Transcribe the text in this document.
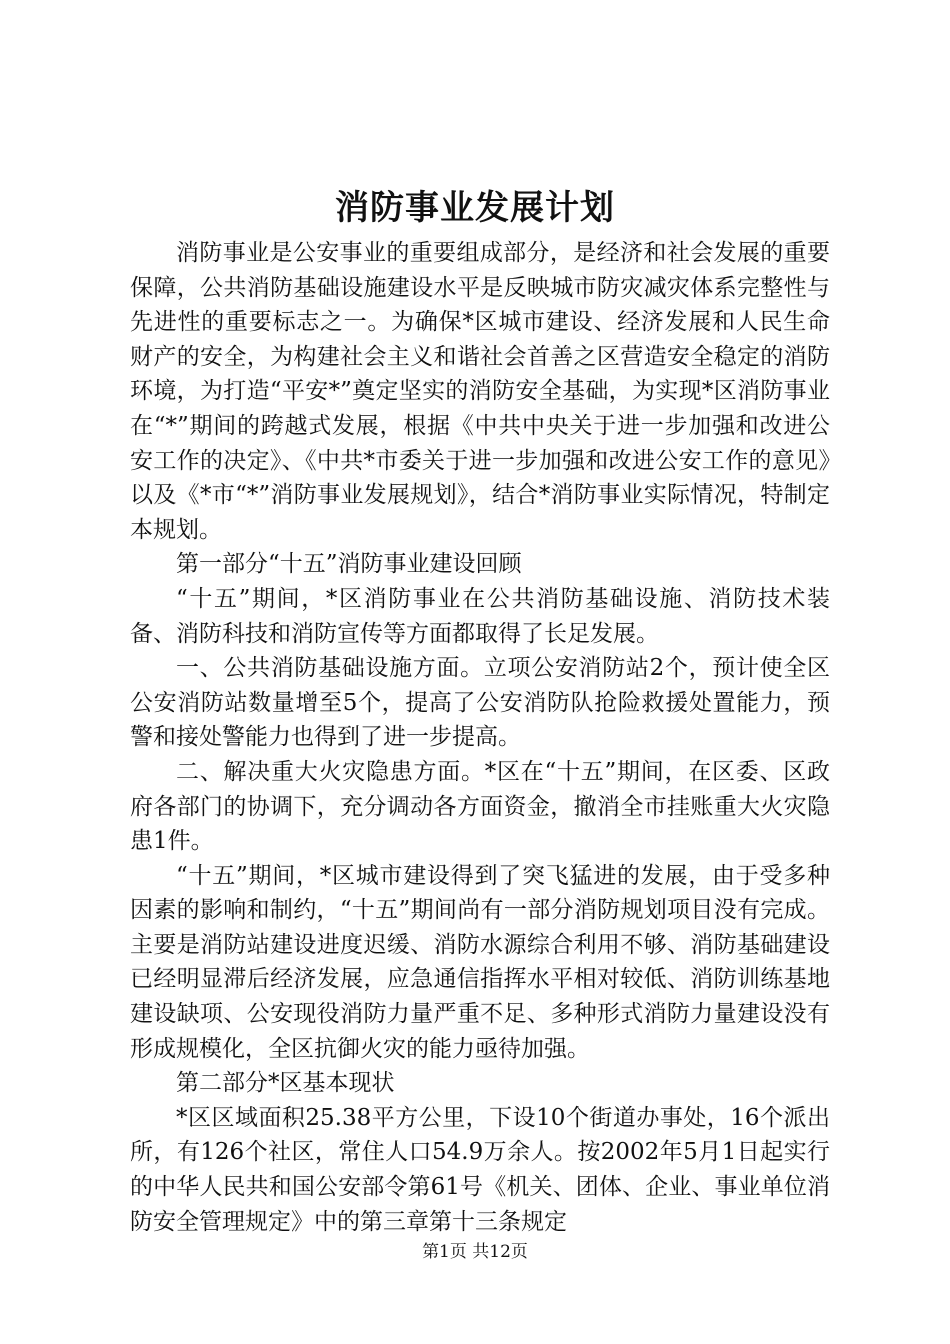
消防事业发展计划

消防事业是公安事业的重要组成部分，是经济和社会发展的重要保障，公共消防基础设施建设水平是反映城市防灾减灾体系完整性与先进性的重要标志之一。为确保*区城市建设、经济发展和人民生命财产的安全，为构建社会主义和谐社会首善之区营造安全稳定的消防环境，为打造“平安*”奠定坚实的消防安全基础，为实现*区消防事业在“*”期间的跨越式发展，根据《中共中央关于进一步加强和改进公安工作的决定》、《中共*市委关于进一步加强和改进公安工作的意见》以及《*市“*”消防事业发展规划》，结合*消防事业实际情况，特制定本规划。

第一部分“十五”消防事业建设回顾

“十五”期间，*区消防事业在公共消防基础设施、消防技术装备、消防科技和消防宣传等方面都取得了长足发展。

一、公共消防基础设施方面。立项公安消防站2个，预计使全区公安消防站数量增至5个，提高了公安消防队抢险救援处置能力，预警和接处警能力也得到了进一步提高。

二、解决重大火灾隐患方面。*区在“十五”期间，在区委、区政府各部门的协调下，充分调动各方面资金，撤消全市挂账重大火灾隐患1件。

“十五”期间，*区城市建设得到了突飞猛进的发展，由于受多种因素的影响和制约，“十五”期间尚有一部分消防规划项目没有完成。主要是消防站建设进度迟缓、消防水源综合利用不够、消防基础建设已经明显滞后经济发展，应急通信指挥水平相对较低、消防训练基地建设缺项、公安现役消防力量严重不足、多种形式消防力量建设没有形成规模化，全区抗御火灾的能力亟待加强。

第二部分*区基本现状

*区区域面积25.38平方公里，下设10个街道办事处，16个派出所，有126个社区，常住人口54.9万余人。按2002年5月1日起实行的中华人民共和国公安部令第61号《机关、团体、企业、事业单位消防安全管理规定》中的第三章第十三条规定

第1页 共12页
